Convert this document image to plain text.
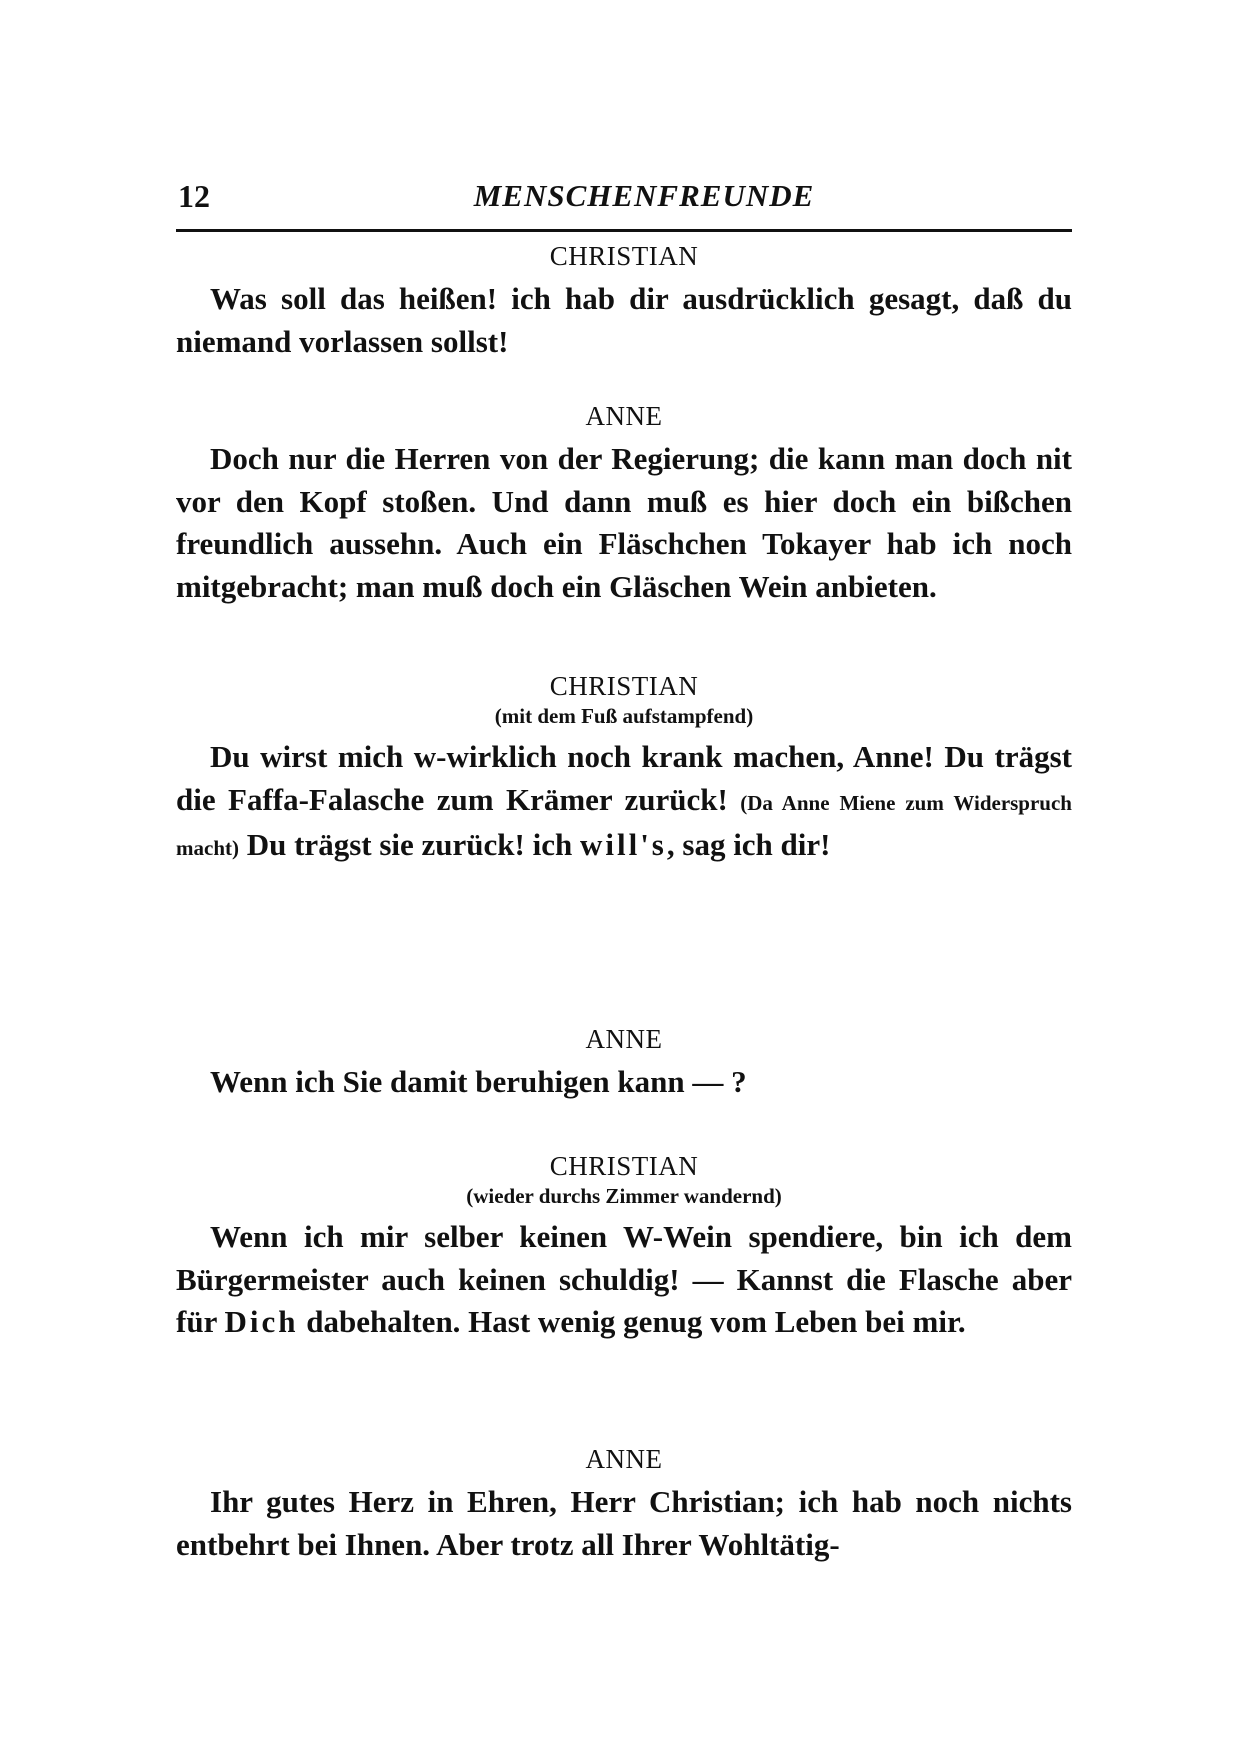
12	MENSCHENFREUNDE
CHRISTIAN

Was soll das heißen! ich hab dir ausdrücklich gesagt, daß du niemand vorlassen sollst!

ANNE

Doch nur die Herren von der Regierung; die kann man doch nit vor den Kopf stoßen. Und dann muß es hier doch ein bißchen freundlich aussehn. Auch ein Fläschchen Tokayer hab ich noch mitgebracht; man muß doch ein Gläschen Wein anbieten.

CHRISTIAN
(mit dem Fuß aufstampfend)

Du wirst mich w-wirklich noch krank machen, Anne! Du trägst die Faffa-Falasche zum Krämer zurück! (Da Anne Miene zum Widerspruch macht) Du trägst sie zurück! ich will's, sag ich dir!

ANNE

Wenn ich Sie damit beruhigen kann — ?

CHRISTIAN
(wieder durchs Zimmer wandernd)

Wenn ich mir selber keinen W-Wein spendiere, bin ich dem Bürgermeister auch keinen schuldig! — Kannst die Flasche aber für Dich dabehalten. Hast wenig genug vom Leben bei mir.

ANNE

Ihr gutes Herz in Ehren, Herr Christian; ich hab noch nichts entbehrt bei Ihnen. Aber trotz all Ihrer Wohltätig-
